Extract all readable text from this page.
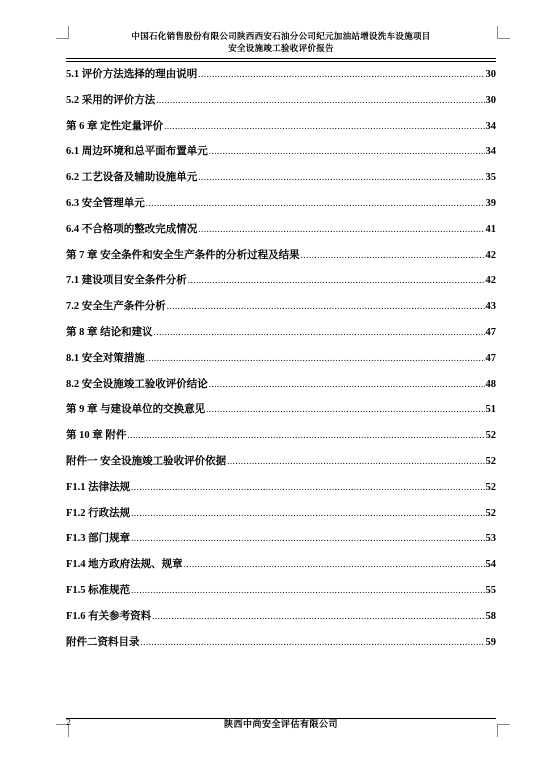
中国石化销售股份有限公司陕西西安石油分公司纪元加油站增设洗车设施项目
安全设施竣工验收评价报告
5.1 评价方法选择的理由说明 .....	30
5.2 采用的评价方法 .....	30
第 6 章 定性定量评价 .....	34
6.1 周边环境和总平面布置单元 .....	34
6.2 工艺设备及辅助设施单元 .....	35
6.3 安全管理单元 .....	39
6.4 不合格项的整改完成情况 .....	41
第 7 章 安全条件和安全生产条件的分析过程及结果 .....	42
7.1 建设项目安全条件分析 .....	42
7.2 安全生产条件分析 .....	43
第 8 章 结论和建议 .....	47
8.1 安全对策措施 .....	47
8.2 安全设施竣工验收评价结论 .....	48
第 9 章 与建设单位的交换意见 .....	51
第 10 章 附件 .....	52
附件一 安全设施竣工验收评价依据 .....	52
F1.1 法律法规 .....	52
F1.2 行政法规 .....	52
F1.3 部门规章 .....	53
F1.4 地方政府法规、规章 .....	54
F1.5 标准规范 .....	55
F1.6 有关参考资料 .....	58
附件二资料目录 .....	59
2	陕西中尚安全评估有限公司
